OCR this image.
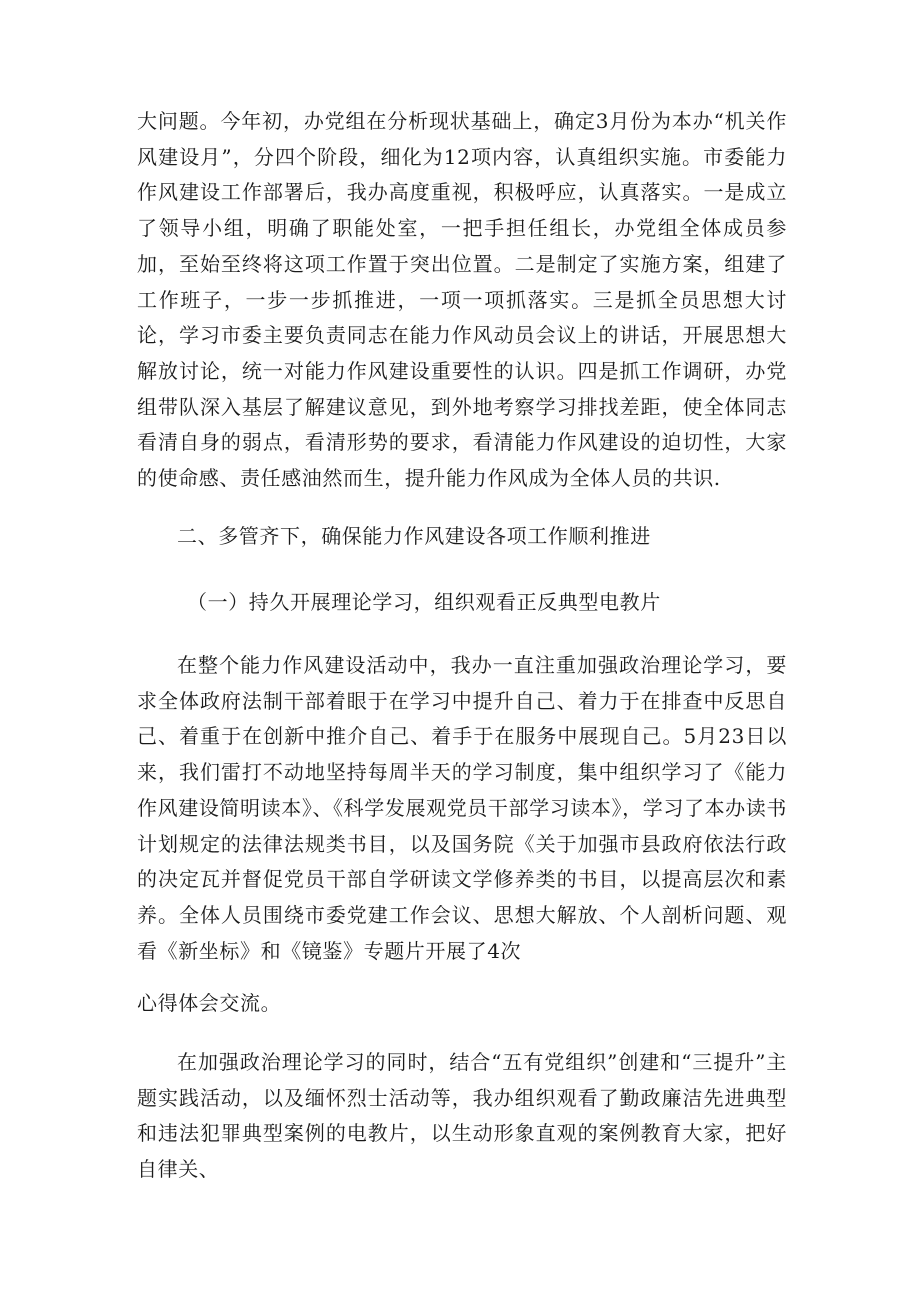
大问题。今年初，办党组在分析现状基础上，确定3月份为本办“机关作风建设月”，分四个阶段，细化为12项内容，认真组织实施。市委能力作风建设工作部署后，我办高度重视，积极呼应，认真落实。一是成立了领导小组，明确了职能处室，一把手担任组长，办党组全体成员参加，至始至终将这项工作置于突出位置。二是制定了实施方案，组建了工作班子，一步一步抓推进，一项一项抓落实。三是抓全员思想大讨论，学习市委主要负责同志在能力作风动员会议上的讲话，开展思想大解放讨论，统一对能力作风建设重要性的认识。四是抓工作调研，办党组带队深入基层了解建议意见，到外地考察学习排找差距，使全体同志看清自身的弱点，看清形势的要求，看清能力作风建设的迫切性，大家的使命感、责任感油然而生，提升能力作风成为全体人员的共识.

二、多管齐下，确保能力作风建设各项工作顺利推进

（一）持久开展理论学习，组织观看正反典型电教片

在整个能力作风建设活动中，我办一直注重加强政治理论学习，要求全体政府法制干部着眼于在学习中提升自己、着力于在排查中反思自己、着重于在创新中推介自己、着手于在服务中展现自己。5月23日以来，我们雷打不动地坚持每周半天的学习制度，集中组织学习了《能力作风建设简明读本》、《科学发展观党员干部学习读本》，学习了本办读书计划规定的法律法规类书目，以及国务院《关于加强市县政府依法行政的决定瓦并督促党员干部自学研读文学修养类的书目，以提高层次和素养。全体人员围绕市委党建工作会议、思想大解放、个人剖析问题、观看《新坐标》和《镜鉴》专题片开展了4次

心得体会交流。

在加强政治理论学习的同时，结合“五有党组织”创建和“三提升”主题实践活动，以及缅怀烈士活动等，我办组织观看了勤政廉洁先进典型和违法犯罪典型案例的电教片，以生动形象直观的案例教育大家，把好自律关、
